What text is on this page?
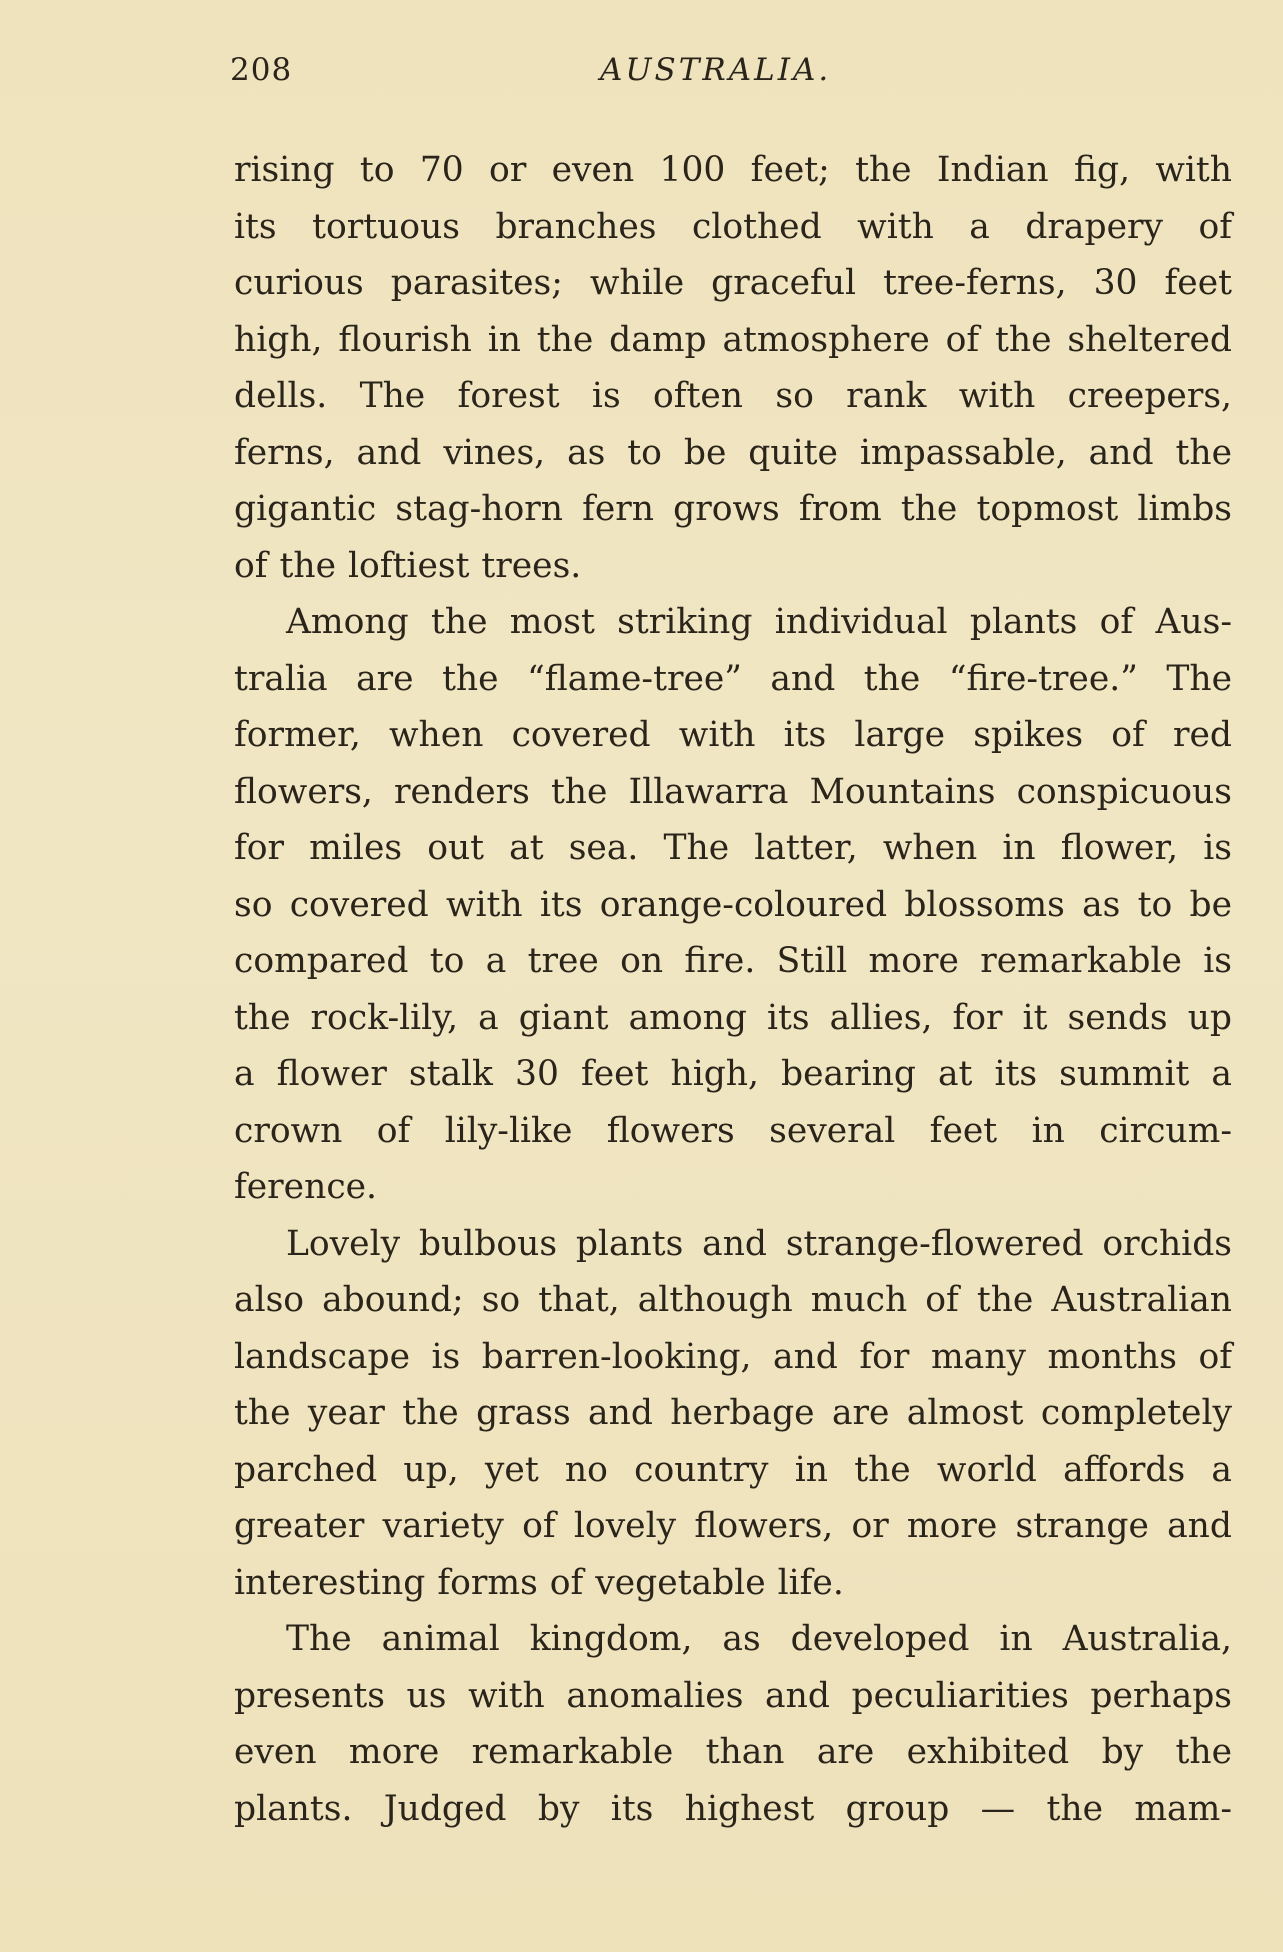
208	AUSTRALIA.
rising to 70 or even 100 feet; the Indian fig, with
its tortuous branches clothed with a drapery of
curious parasites; while graceful tree-ferns, 30 feet
high, flourish in the damp atmosphere of the sheltered
dells. The forest is often so rank with creepers,
ferns, and vines, as to be quite impassable, and the
gigantic stag-horn fern grows from the topmost limbs
of the loftiest trees.
Among the most striking individual plants of Aus-
tralia are the “flame-tree” and the “fire-tree.” The
former, when covered with its large spikes of red
flowers, renders the Illawarra Mountains conspicuous
for miles out at sea. The latter, when in flower, is
so covered with its orange-coloured blossoms as to be
compared to a tree on fire. Still more remarkable is
the rock-lily, a giant among its allies, for it sends up
a flower stalk 30 feet high, bearing at its summit a
crown of lily-like flowers several feet in circum-
ference.
Lovely bulbous plants and strange-flowered orchids
also abound; so that, although much of the Australian
landscape is barren-looking, and for many months of
the year the grass and herbage are almost completely
parched up, yet no country in the world affords a
greater variety of lovely flowers, or more strange and
interesting forms of vegetable life.
The animal kingdom, as developed in Australia,
presents us with anomalies and peculiarities perhaps
even more remarkable than are exhibited by the
plants. Judged by its highest group — the mam-
